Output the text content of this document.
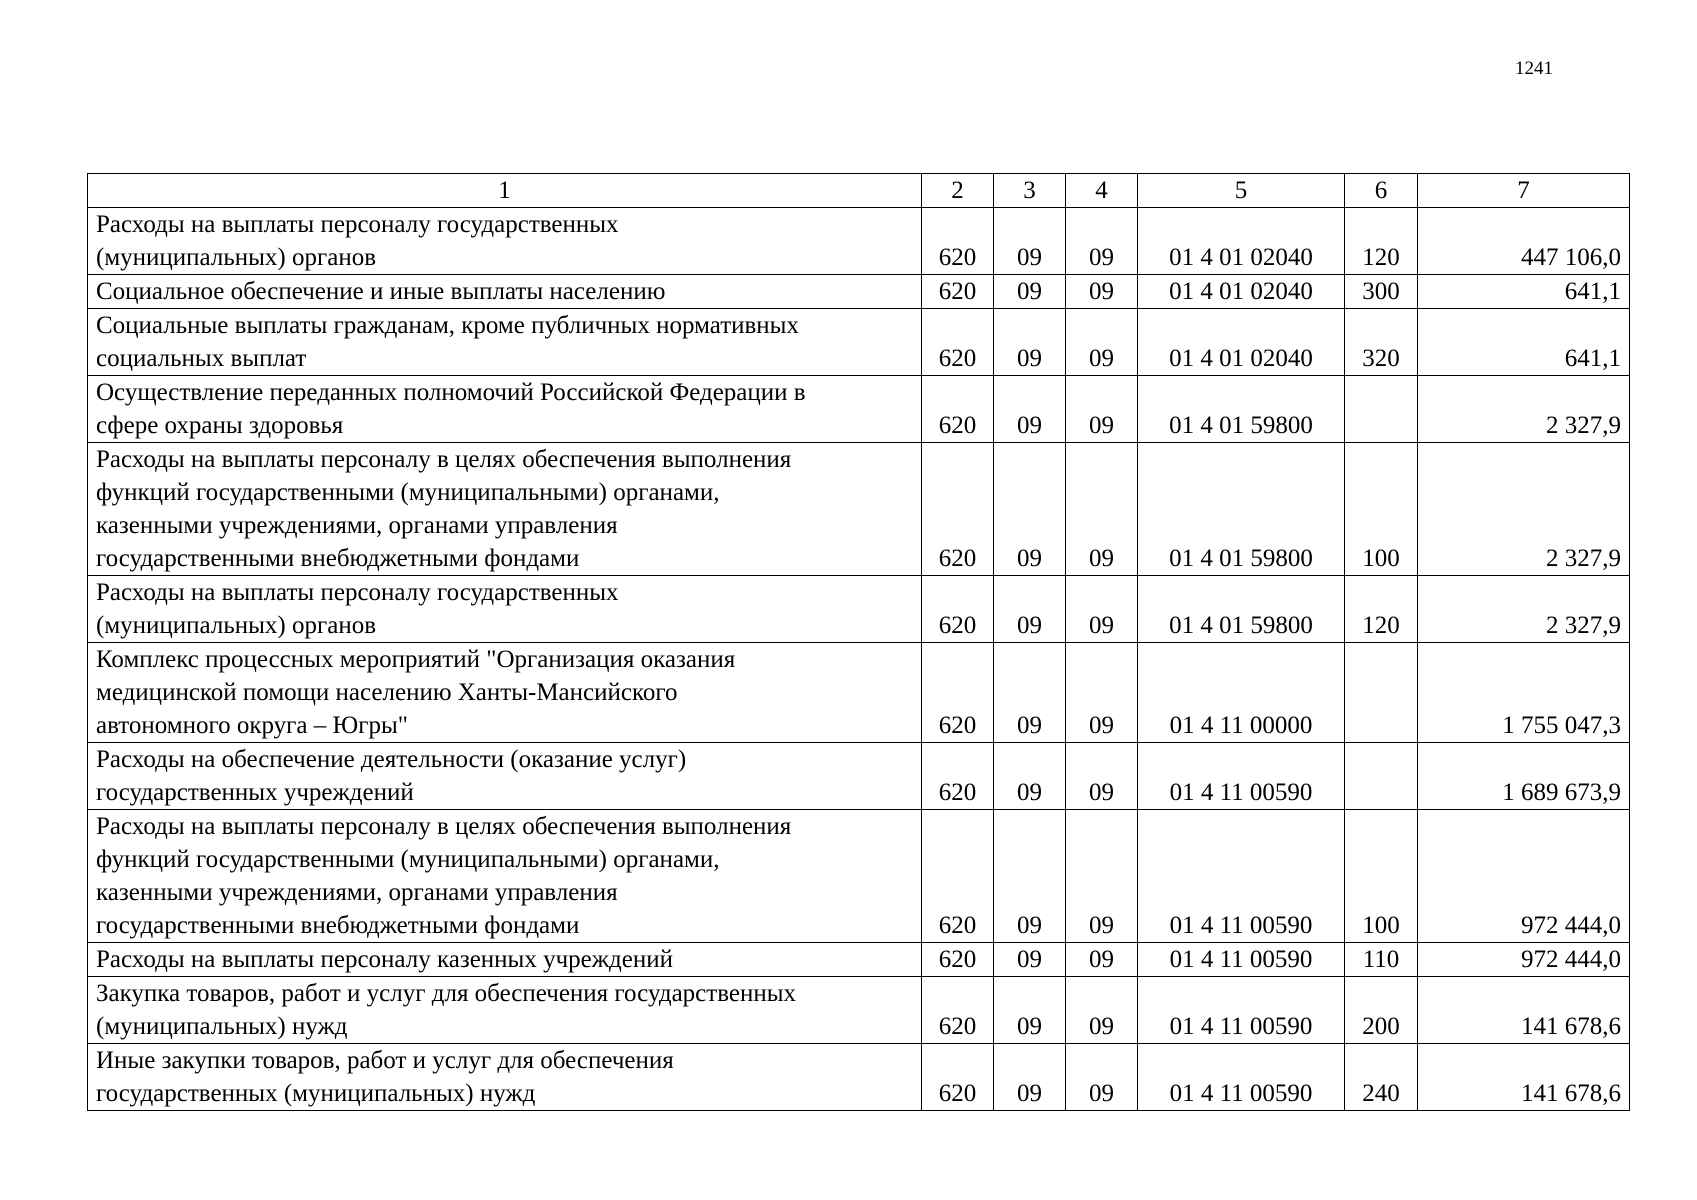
1241
1	2	3	4	5	6	7
Расходы на выплаты персоналу государственных
(муниципальных) органов	620	09	09	01 4 01 02040	120	447 106,0
Социальное обеспечение и иные выплаты населению	620	09	09	01 4 01 02040	300	641,1
Социальные выплаты гражданам, кроме публичных нормативных
социальных выплат	620	09	09	01 4 01 02040	320	641,1
Осуществление переданных полномочий Российской Федерации в
сфере охраны здоровья	620	09	09	01 4 01 59800		2 327,9
Расходы на выплаты персоналу в целях обеспечения выполнения
функций государственными (муниципальными) органами,
казенными учреждениями, органами управления
государственными внебюджетными фондами	620	09	09	01 4 01 59800	100	2 327,9
Расходы на выплаты персоналу государственных
(муниципальных) органов	620	09	09	01 4 01 59800	120	2 327,9
Комплекс процессных мероприятий "Организация оказания
медицинской помощи населению Ханты-Мансийского
автономного округа – Югры"	620	09	09	01 4 11 00000		1 755 047,3
Расходы на обеспечение деятельности (оказание услуг)
государственных учреждений	620	09	09	01 4 11 00590		1 689 673,9
Расходы на выплаты персоналу в целях обеспечения выполнения
функций государственными (муниципальными) органами,
казенными учреждениями, органами управления
государственными внебюджетными фондами	620	09	09	01 4 11 00590	100	972 444,0
Расходы на выплаты персоналу казенных учреждений	620	09	09	01 4 11 00590	110	972 444,0
Закупка товаров, работ и услуг для обеспечения государственных
(муниципальных) нужд	620	09	09	01 4 11 00590	200	141 678,6
Иные закупки товаров, работ и услуг для обеспечения
государственных (муниципальных) нужд	620	09	09	01 4 11 00590	240	141 678,6
